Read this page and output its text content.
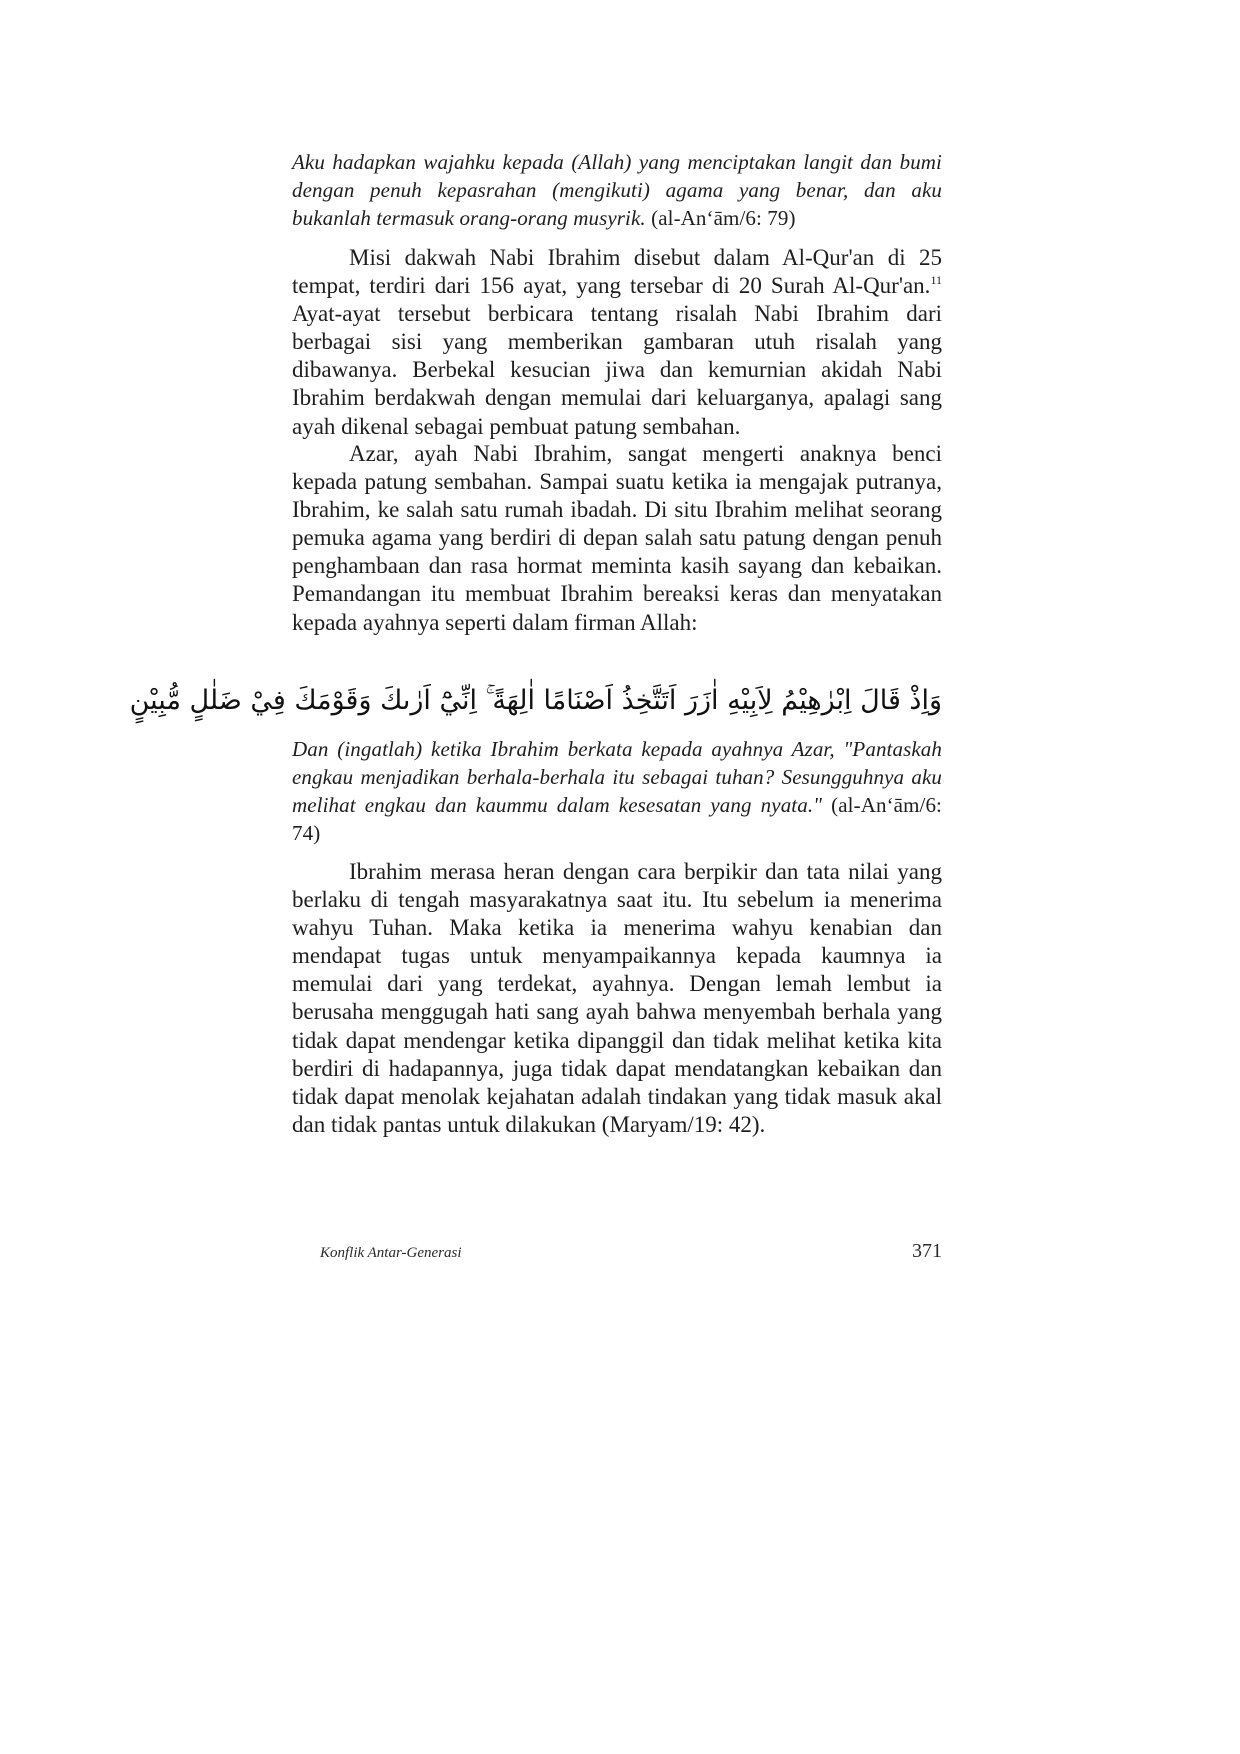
Aku hadapkan wajahku kepada (Allah) yang menciptakan langit dan bumi dengan penuh kepasrahan (mengikuti) agama yang benar, dan aku bukanlah termasuk orang-orang musyrik. (al-An‘ām/6: 79)

Misi dakwah Nabi Ibrahim disebut dalam Al-Qur'an di 25 tempat, terdiri dari 156 ayat, yang tersebar di 20 Surah Al-Qur'an.$^{11}$ Ayat-ayat tersebut berbicara tentang risalah Nabi Ibrahim dari berbagai sisi yang memberikan gambaran utuh risalah yang dibawanya. Berbekal kesucian jiwa dan kemurnian akidah Nabi Ibrahim berdakwah dengan memulai dari keluarganya, apalagi sang ayah dikenal sebagai pembuat patung sembahan.

Azar, ayah Nabi Ibrahim, sangat mengerti anaknya benci kepada patung sembahan. Sampai suatu ketika ia mengajak putranya, Ibrahim, ke salah satu rumah ibadah. Di situ Ibrahim melihat seorang pemuka agama yang berdiri di depan salah satu patung dengan penuh penghambaan dan rasa hormat meminta kasih sayang dan kebaikan. Pemandangan itu membuat Ibrahim bereaksi keras dan menyatakan kepada ayahnya seperti dalam firman Allah:

وَاِذْ قَالَ اِبْرٰهِيْمُ لِاَبِيْهِ اٰزَرَ اَتَتَّخِذُ اَصْنَامًا اٰلِهَةً ۚ اِنِّيْٓ اَرٰىكَ وَقَوْمَكَ فِيْ ضَلٰلٍ مُّبِيْنٍ
Dan (ingatlah) ketika Ibrahim berkata kepada ayahnya Azar, "Pantaskah engkau menjadikan berhala-berhala itu sebagai tuhan? Sesungguhnya aku melihat engkau dan kaummu dalam kesesatan yang nyata." (al-An‘ām/6: 74)

Ibrahim merasa heran dengan cara berpikir dan tata nilai yang berlaku di tengah masyarakatnya saat itu. Itu sebelum ia menerima wahyu Tuhan. Maka ketika ia menerima wahyu kenabian dan mendapat tugas untuk menyampaikannya kepada kaumnya ia memulai dari yang terdekat, ayahnya. Dengan lemah lembut ia berusaha menggugah hati sang ayah bahwa menyembah berhala yang tidak dapat mendengar ketika dipanggil dan tidak melihat ketika kita berdiri di hadapannya, juga tidak dapat mendatangkan kebaikan dan tidak dapat menolak kejahatan adalah tindakan yang tidak masuk akal dan tidak pantas untuk dilakukan (Maryam/19: 42).

Konflik Antar-Generasi	371
